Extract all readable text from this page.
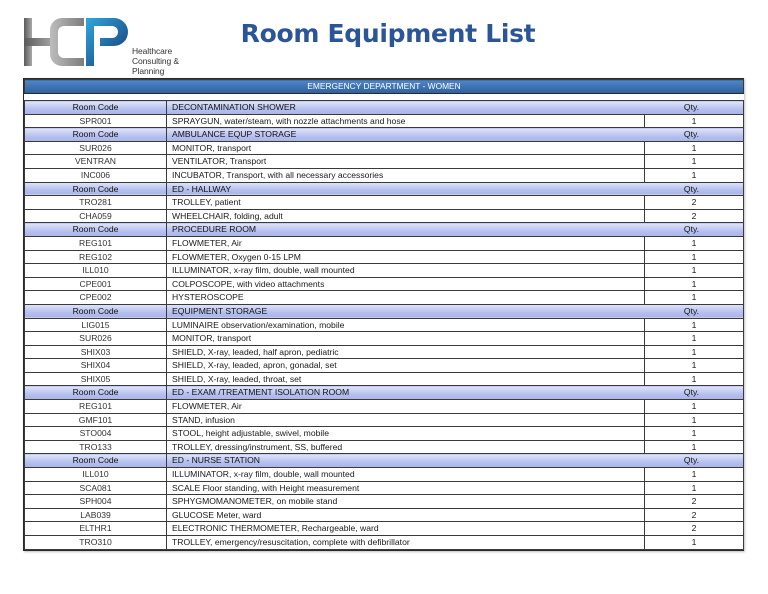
Healthcare
Consulting & Planning
Room Equipment List
EMERGENCY DEPARTMENT - WOMEN		

Room Code	DECONTAMINATION SHOWER	Qty.
SPR001	SPRAYGUN, water/steam, with nozzle attachments and hose	1
Room Code	AMBULANCE EQUP STORAGE	Qty.
SUR026	MONITOR, transport	1
VENTRAN	VENTILATOR, Transport	1
INC006	INCUBATOR, Transport, with all necessary accessories	1
Room Code	ED - HALLWAY	Qty.
TRO281	TROLLEY, patient	2
CHA059	WHEELCHAIR, folding, adult	2
Room Code	PROCEDURE ROOM	Qty.
REG101	FLOWMETER, Air	1
REG102	FLOWMETER, Oxygen 0-15 LPM	1
ILL010	ILLUMINATOR, x-ray film, double, wall mounted	1
CPE001	COLPOSCOPE, with video attachments	1
CPE002	HYSTEROSCOPE	1
Room Code	EQUIPMENT STORAGE	Qty.
LIG015	LUMINAIRE observation/examination, mobile	1
SUR026	MONITOR, transport	1
SHIX03	SHIELD, X-ray, leaded, half apron, pediatric	1
SHIX04	SHIELD, X-ray, leaded, apron, gonadal, set	1
SHIX05	SHIELD, X-ray, leaded, throat, set	1
Room Code	ED - EXAM /TREATMENT ISOLATION ROOM	Qty.
REG101	FLOWMETER, Air	1
GMF101	STAND, infusion	1
STO004	STOOL, height adjustable, swivel, mobile	1
TRO133	TROLLEY, dressing/instrument, SS, buffered	1
Room Code	ED - NURSE STATION	Qty.
ILL010	ILLUMINATOR, x-ray film, double, wall mounted	1
SCA081	SCALE Floor standing, with Height measurement	1
SPH004	SPHYGMOMANOMETER, on mobile stand	2
LAB039	GLUCOSE Meter, ward	2
ELTHR1	ELECTRONIC THERMOMETER, Rechargeable, ward	2
TRO310	TROLLEY, emergency/resuscitation, complete with defibrillator	1
